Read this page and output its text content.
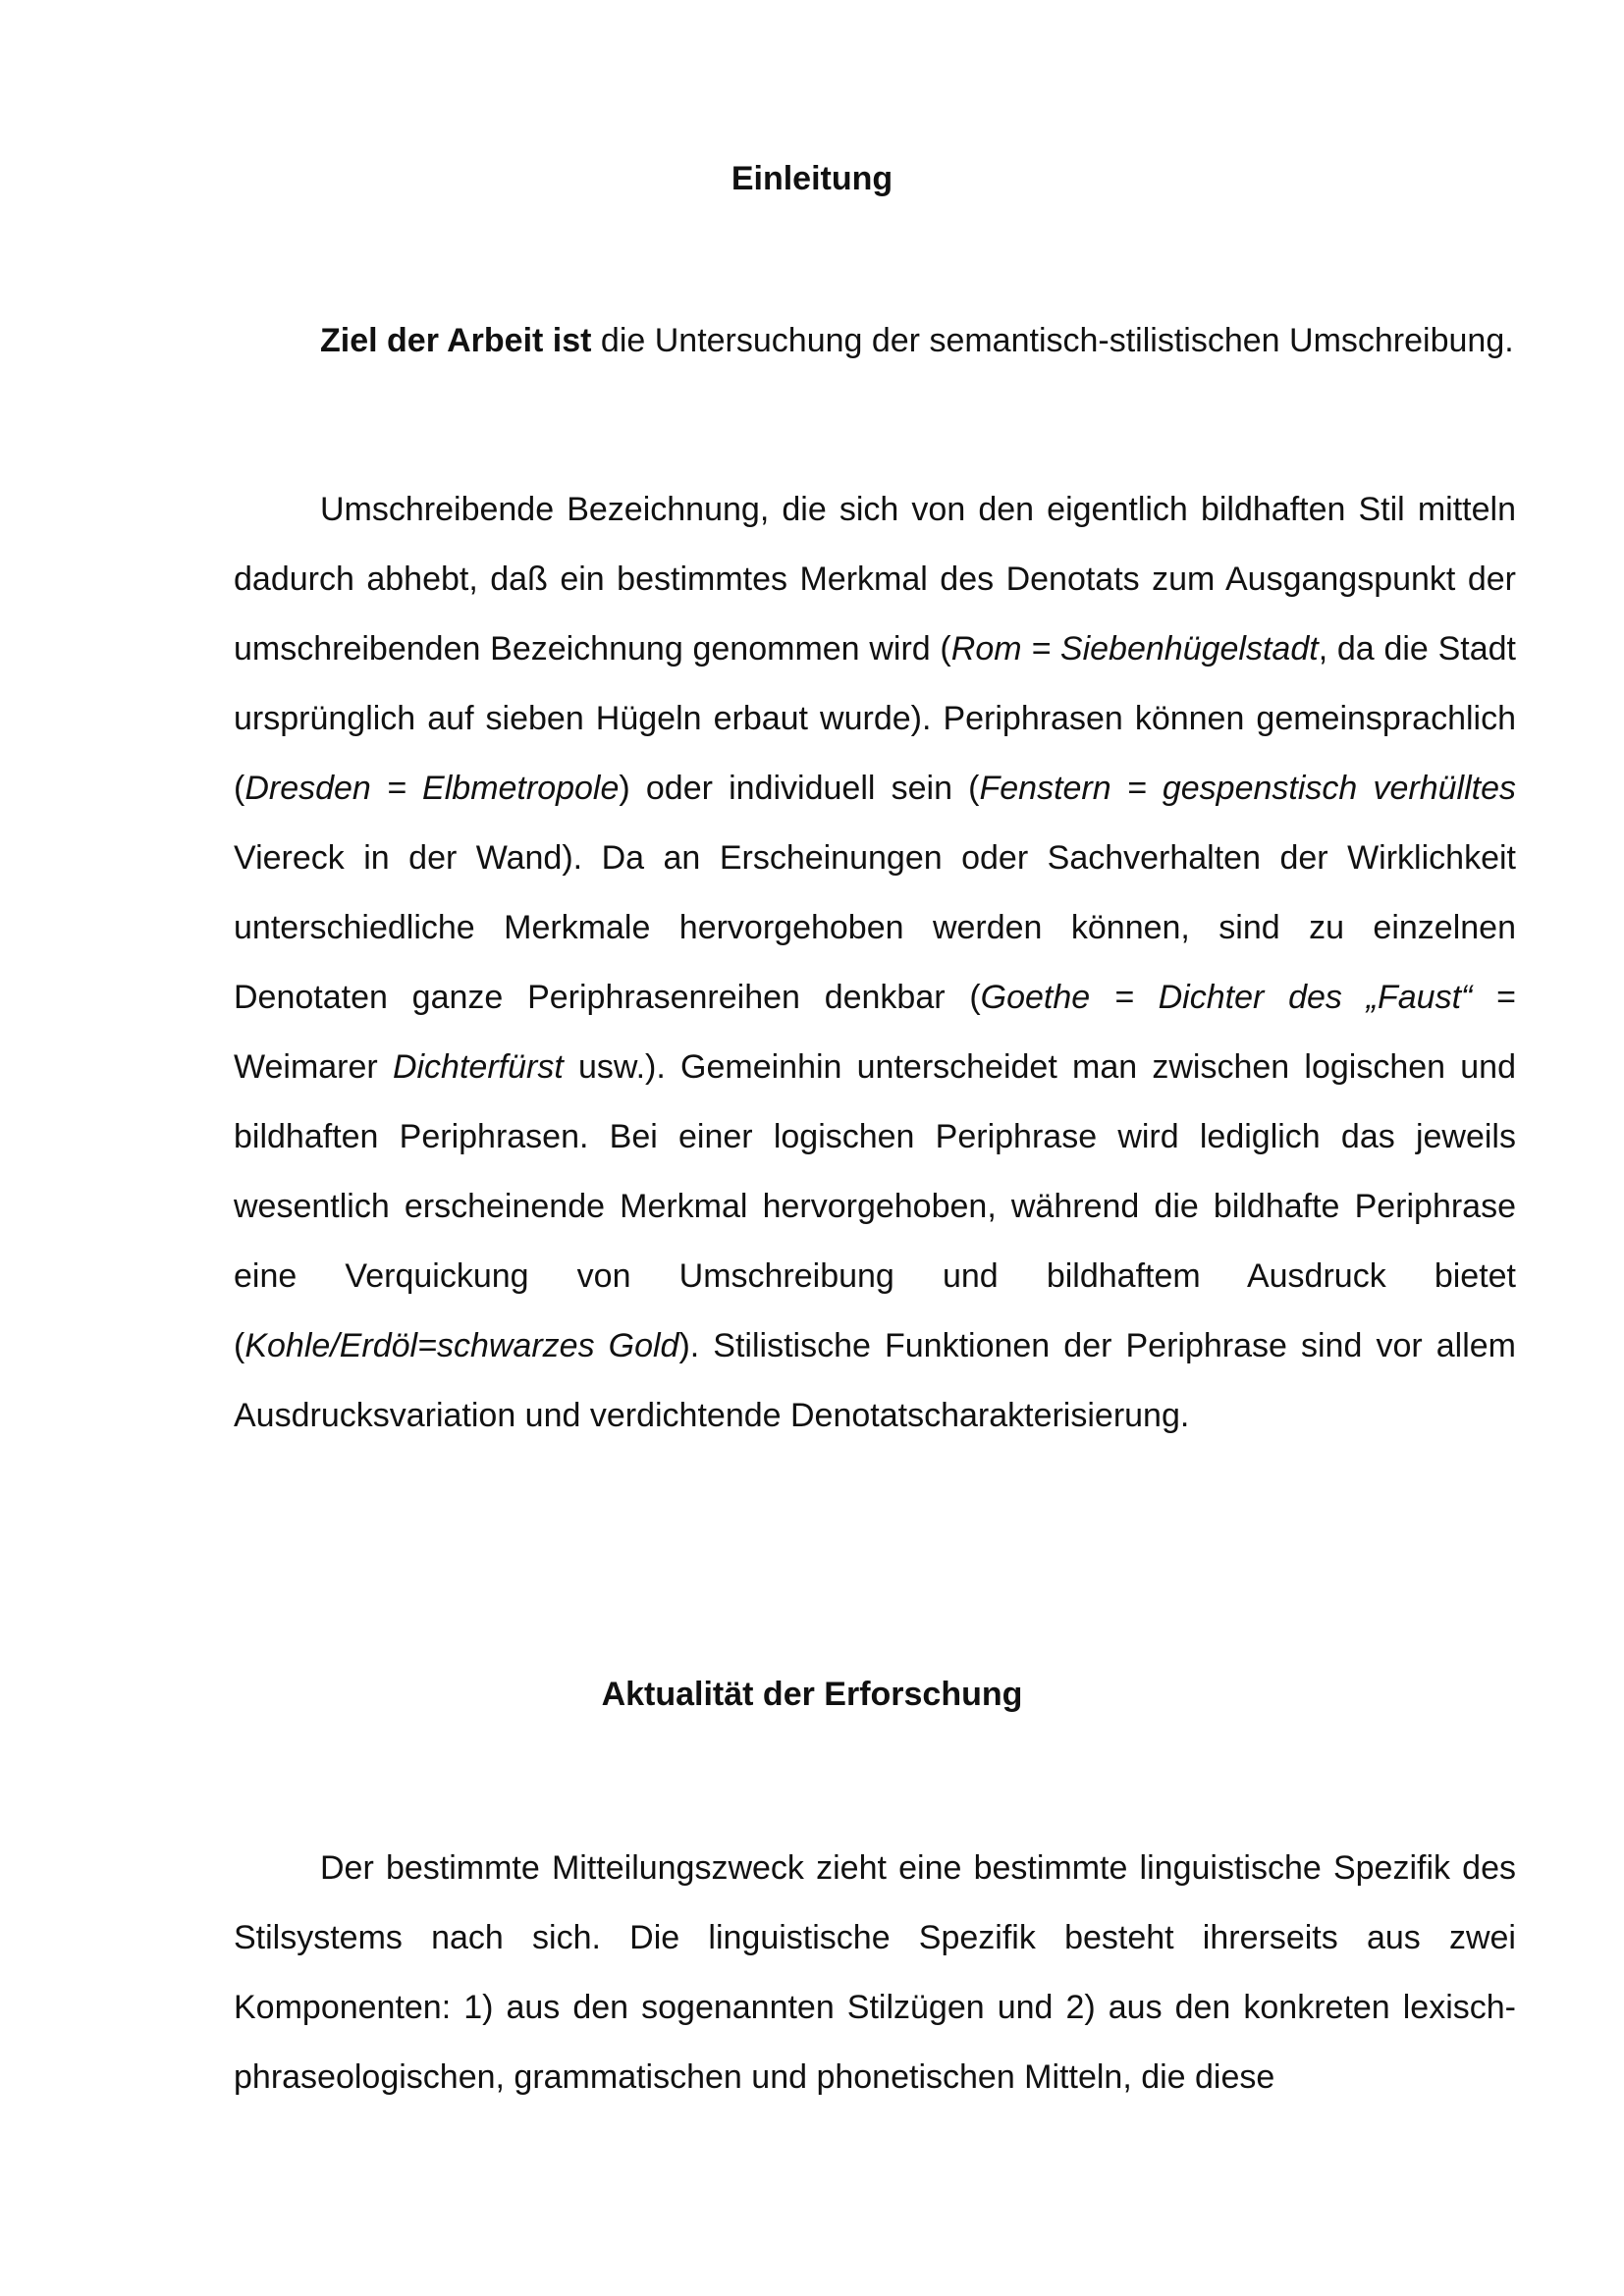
Einleitung

Ziel der Arbeit ist die Untersuchung der semantisch-stilistischen Umschreibung.

Umschreibende Bezeichnung, die sich von den eigentlich bildhaften Stil mitteln dadurch abhebt, daß ein bestimmtes Merkmal des Denotats zum Ausgangspunkt der umschreibenden Bezeichnung genommen wird (Rom = Siebenhügelstadt, da die Stadt ursprünglich auf sieben Hügeln erbaut wurde). Periphrasen können gemeinsprachlich (Dresden = Elbmetropole) oder individuell sein (Fenstern = gespenstisch verhülltes Viereck in der Wand). Da an Erscheinungen oder Sachverhalten der Wirklichkeit unterschiedliche Merkmale hervorgehoben werden können, sind zu einzelnen Denotaten ganze Periphrasenreihen denkbar (Goethe = Dichter des „Faust“ = Weimarer Dichterfürst usw.). Gemeinhin unterscheidet man zwischen logischen und bildhaften Periphrasen. Bei einer logischen Periphrase wird lediglich das jeweils wesentlich erscheinende Merkmal hervorgehoben, während die bildhafte Periphrase eine Verquickung von Umschreibung und bildhaftem Ausdruck bietet (Kohle/Erdöl=schwarzes Gold). Stilistische Funktionen der Periphrase sind vor allem Ausdrucksvariation und verdichtende Denotatscharakterisierung.

Aktualität der Erforschung

Der bestimmte Mitteilungszweck zieht eine bestimmte linguistische Spezifik des Stilsystems nach sich. Die linguistische Spezifik besteht ihrerseits aus zwei Komponenten: 1) aus den sogenannten Stilzügen und 2) aus den konkreten lexisch-phraseologischen, grammatischen und phonetischen Mitteln, die diese
